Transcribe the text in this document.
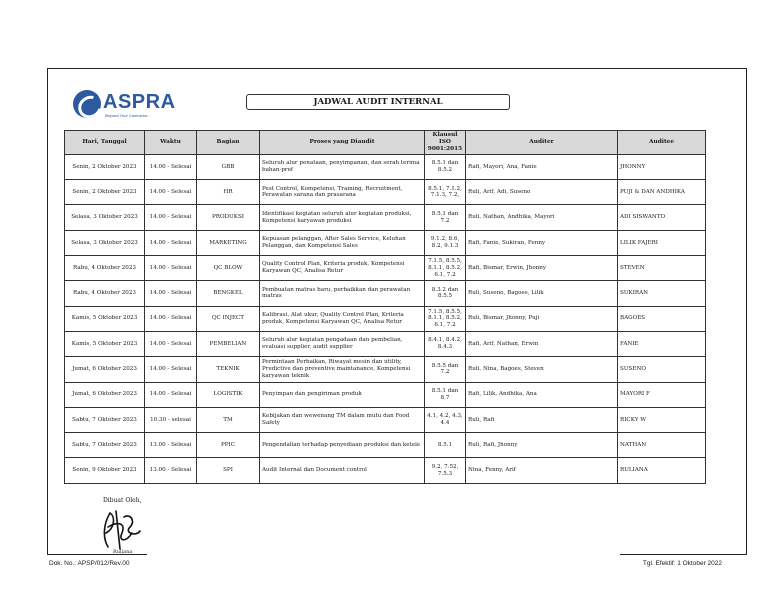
ASPRA
Beyond Your Contractor...
JADWAL AUDIT INTERNAL
Hari, Tanggal	Waktu	Bagian	Proses yang Diaudit	Klausul ISO 9001:2015	Auditer	Auditee
Senin, 2 Oktober 2023	14.00 - Selesai	GBB	Seluruh alur penataan, penyimpanan, dan serah terima bahan-pref	8.5.1 dan 8.5.2	Rafi, Mayori, Ana, Fanie	JHONNY
Senin, 2 Oktober 2023	14.00 - Selesai	HR	Pest Control, Kompetensi, Training, Recruitment, Perawatan sarana dan prasarana	8.5.1, 7.1.2, 7.1.3, 7.2,	Ruli, Arif, Adi, Suseno	PUJI & DAN ANDHIKA
Selasa, 3 Oktober 2023	14.00 - Selesai	PRODUKSI	Identifikasi kegiatan seluruh alur kegiatan produksi, Kompetensi karyawan produksi	8.5.1 dan 7.2	Ruli, Nathan, Andhika, Mayori	ADI SISWANTO
Selasa, 3 Oktober 2023	14.00 - Selesai	MARKETING	Kepuasan pelanggan, After Sales Service, Keluhan Pelanggan, dan Kompetensi Sales	9.1.2, 8.6, 8.2, 9.1.3	Rafi, Fanie, Sukiran, Fenny	LILIK FAJERI
Rabu, 4 Oktober 2023	14.00 - Selesai	QC BLOW	Quality Control Plan, Kriteria produk, Kompetensi Karyawan QC, Analisa Retur	7.1.5, 8.5.5, 8.1.1, 8.5.2, 6.1, 7.2	Rafi, Bismar, Erwin, Jhonny	STEVEN
Rabu, 4 Oktober 2023	14.00 - Selesai	BENGKEL	Pembuatan matras baru, perbaikkan dan perawatan matras	8.3.2 dan 8.5.5	Ruli, Suseno, Bagoes, Lilik	SUKIRAN
Kamis, 5 Oktober 2023	14.00 - Selesai	QC INJECT	Kalibrasi, Alat ukur, Quality Control Plan, Kriteria produk, Kompetensi Karyawan QC, Analisa Retur	7.1.5, 8.5.5, 8.1.1, 8.5.2, 6.1, 7.2	Ruli, Bismar, Jhonny, Puji	BAGOES
Kamis, 5 Oktober 2023	14.00 - Selesai	PEMBELIAN	Seluruh alur kegiatan pengadaan dan pembelian, evaluasi supplier, audit supplier	8.4.1, 8.4.2, 8.4.3	Rafi, Arif, Nathan, Erwin	FANIE
Jumat, 6 Oktober 2023	14.00 - Selesai	TEKNIK	Permintaan Perbaikan, Riwayat mesin dan utility, Predictive dan preventive maintanance, Kompetensi karyawan teknik	8.5.5 dan 7.2	Ruli, Nina, Bagoes, Steven	SUSENO
Jumat, 6 Oktober 2023	14.00 - Selesai	LOGISTIK	Penyimpan dan pengiriman produk	8.5.1 dan 8.7	Rafi, Lilik, Andhika, Ana	MAYORI F
Sabtu, 7 Oktober 2023	10.30 - selesai	TM	Kebijakan dan wewenang TM dalam mutu dan Food Safety	4.1, 4.2, 4.3, 4.4	Ruli, Rafi	RICKY W
Sabtu, 7 Oktober 2023	13.00 - Selesai	PPIC	Pengendalian terhadap penyediaan produksi dan ketele	8.5.1	Ruli, Rafi, Jhonny	NATHAN
Senin, 9 Oktober 2023	13.00 - Selesai	SPI	Audit Internal dan Document control	9.2, 7.52, 7.5.3	Nina, Fenny, Arif	RULIANA
Dibuat Oleh,
Ruliana
Dok. No.: APSP/012/Rev.00	Tgl. Efektif: 1 Oktober 2022
